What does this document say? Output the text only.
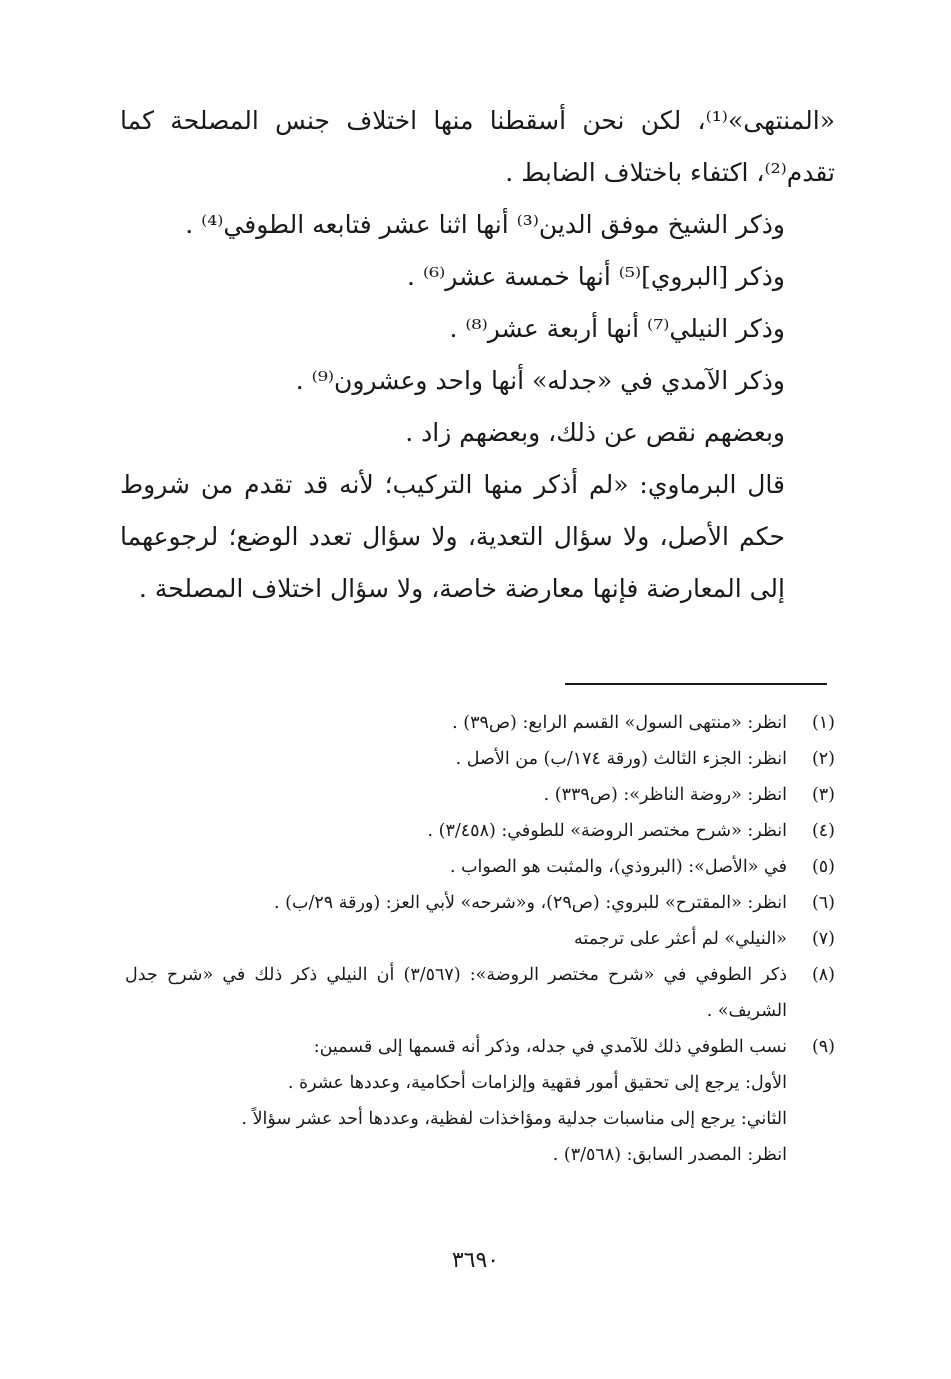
«المنتهى»⁽¹⁾، لكن نحن أسقطنا منها اختلاف جنس المصلحة كما تقدم⁽²⁾، اكتفاء باختلاف الضابط .

وذكر الشيخ موفق الدين⁽³⁾ أنها اثنا عشر فتابعه الطوفي⁽⁴⁾ .

وذكر [البروي]⁽⁵⁾ أنها خمسة عشر⁽⁶⁾ .

وذكر النيلي⁽⁷⁾ أنها أربعة عشر⁽⁸⁾ .

وذكر الآمدي في «جدله» أنها واحد وعشرون⁽⁹⁾ .

وبعضهم نقص عن ذلك، وبعضهم زاد .

قال البرماوي: «لم أذكر منها التركيب؛ لأنه قد تقدم من شروط حكم الأصل، ولا سؤال التعدية، ولا سؤال تعدد الوضع؛ لرجوعهما إلى المعارضة فإنها معارضة خاصة، ولا سؤال اختلاف المصلحة .

(١)
انظر: «منتهى السول» القسم الرابع: (ص٣٩) .
(٢)
انظر: الجزء الثالث (ورقة ١٧٤/ب) من الأصل .
(٣)
انظر: «روضة الناظر»: (ص٣٣٩) .
(٤)
انظر: «شرح مختصر الروضة» للطوفي: (٣/٤٥٨) .
(٥)
في «الأصل»: (البروذي)، والمثبت هو الصواب .
(٦)
انظر: «المقترح» للبروي: (ص٢٩)، و«شرحه» لأبي العز: (ورقة ٢٩/ب) .
(٧)
«النيلي» لم أعثر على ترجمته
(٨)
ذكر الطوفي في «شرح مختصر الروضة»: (٣/٥٦٧) أن النيلي ذكر ذلك في «شرح جدل الشريف» .
(٩)
نسب الطوفي ذلك للآمدي في جدله، وذكر أنه قسمها إلى قسمين:
الأول: يرجع إلى تحقيق أمور فقهية وإلزامات أحكامية، وعددها عشرة .
الثاني: يرجع إلى مناسبات جدلية ومؤاخذات لفظية، وعددها أحد عشر سؤالاً .
انظر: المصدر السابق: (٣/٥٦٨) .
٣٦٩٠
